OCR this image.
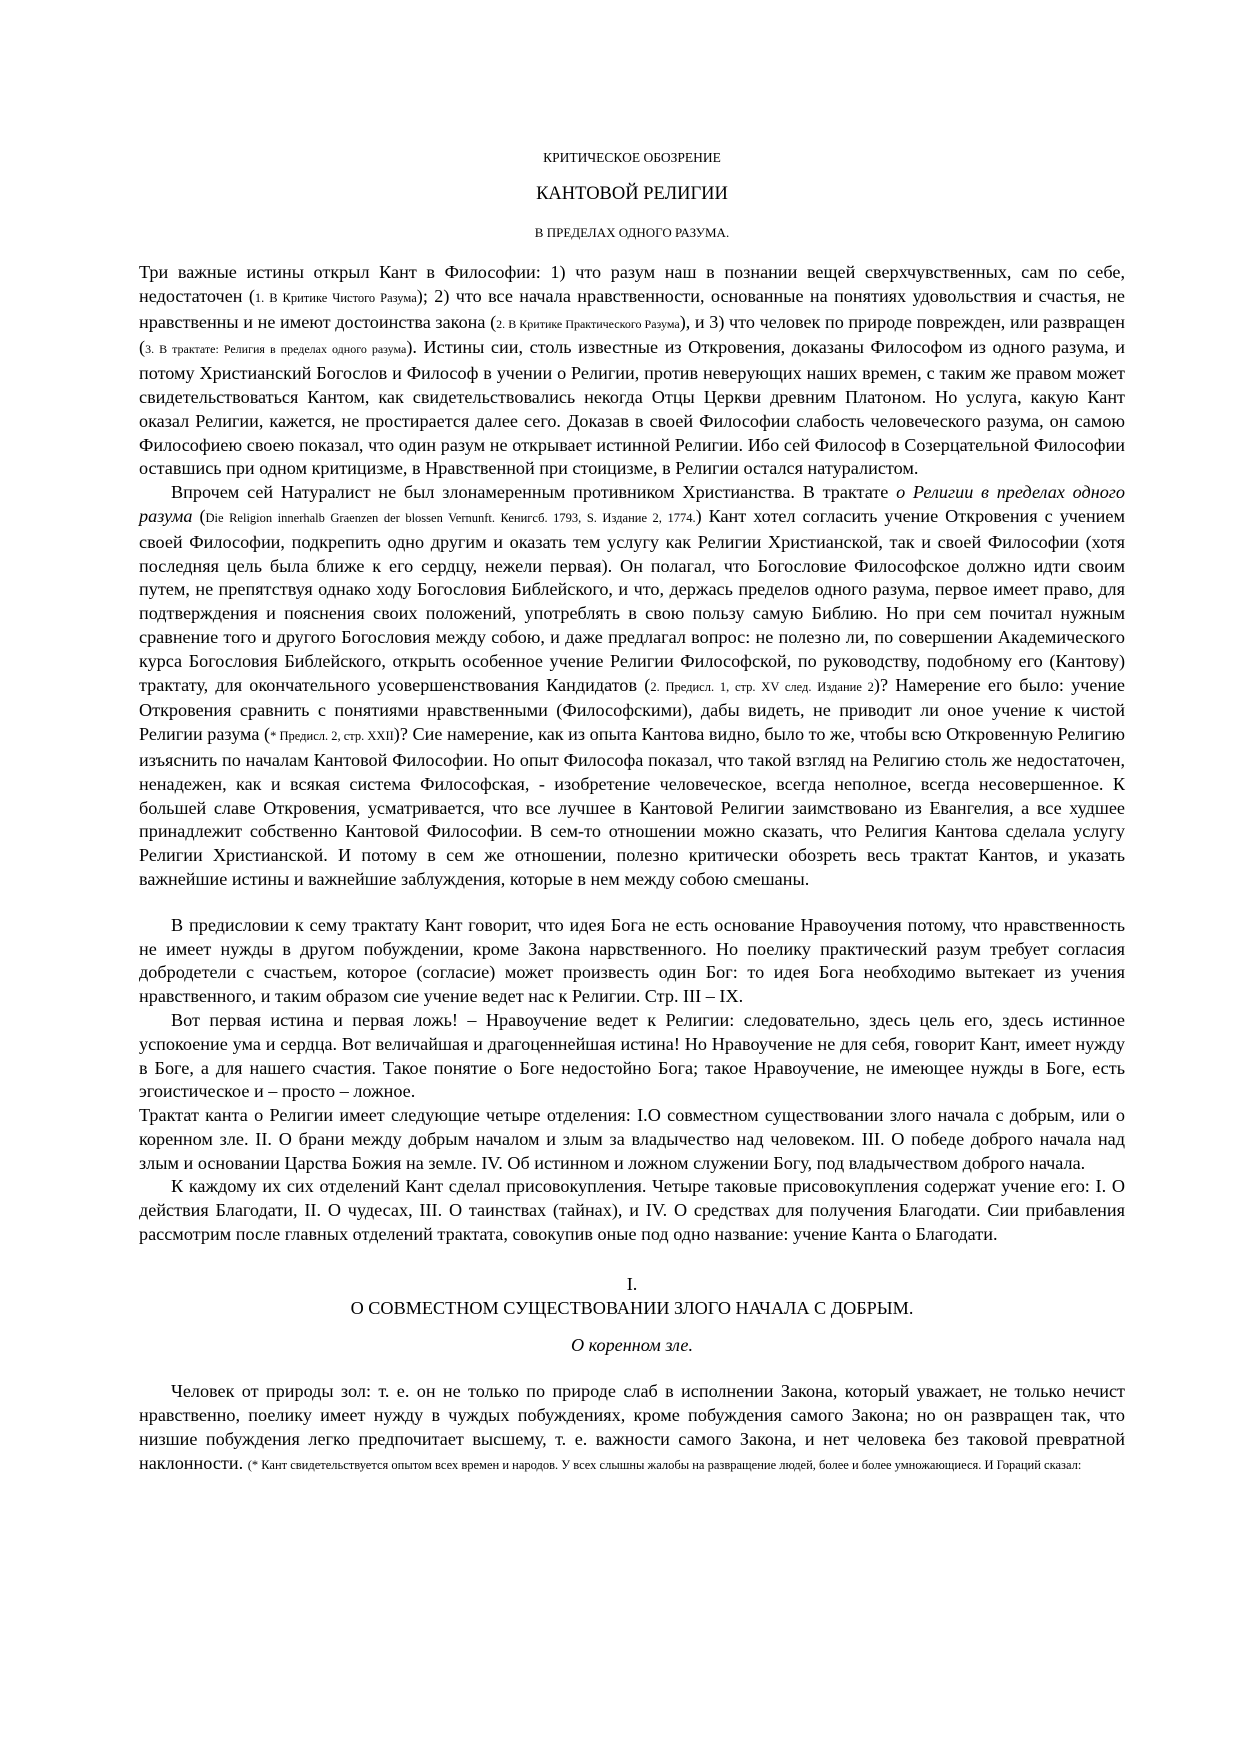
КРИТИЧЕСКОЕ ОБОЗРЕНИЕ

КАНТОВОЙ РЕЛИГИИ

В ПРЕДЕЛАХ ОДНОГО РАЗУМА.

Три важные истины открыл Кант в Философии: 1) что разум наш в познании вещей сверхчувственных, сам по себе, недостаточен (1. В Критике Чистого Разума); 2) что все начала нравственности, основанные на понятиях удовольствия и счастья, не нравственны и не имеют достоинства закона (2. В Критике Практического Разума), и 3) что человек по природе поврежден, или развращен (3. В трактате: Религия в пределах одного разума). Истины сии, столь известные из Откровения, доказаны Философом из одного разума, и потому Христианский Богослов и Философ в учении о Религии, против неверующих наших времен, с таким же правом может свидетельствоваться Кантом, как свидетельствовались некогда Отцы Церкви древним Платоном. Но услуга, какую Кант оказал Религии, кажется, не простирается далее сего. Доказав в своей Философии слабость человеческого разума, он самою Философиею своею показал, что один разум не открывает истинной Религии. Ибо сей Философ в Созерцательной Философии оставшись при одном критицизме, в Нравственной при стоицизме, в Религии остался натуралистом.

Впрочем сей Натуралист не был злонамеренным противником Христианства. В трактате о Религии в пределах одного разума (Die Religion innerhalb Graenzen der blossen Vernunft. Кенигсб. 1793, S. Издание 2, 1774.) Кант хотел согласить учение Откровения с учением своей Философии, подкрепить одно другим и оказать тем услугу как Религии Христианской, так и своей Философии (хотя последняя цель была ближе к его сердцу, нежели первая). Он полагал, что Богословие Философское должно идти своим путем, не препятствуя однако ходу Богословия Библейского, и что, держась пределов одного разума, первое имеет право, для подтверждения и пояснения своих положений, употреблять в свою пользу самую Библию. Но при сем почитал нужным сравнение того и другого Богословия между собою, и даже предлагал вопрос: не полезно ли, по совершении Академического курса Богословия Библейского, открыть особенное учение Религии Философской, по руководству, подобному его (Кантову) трактату, для окончательного усовершенствования Кандидатов (2. Предисл. 1, стр. XV след. Издание 2)? Намерение его было: учение Откровения сравнить с понятиями нравственными (Философскими), дабы видеть, не приводит ли оное учение к чистой Религии разума (* Предисл. 2, стр. XXII)? Сие намерение, как из опыта Кантова видно, было то же, чтобы всю Откровенную Религию изъяснить по началам Кантовой Философии. Но опыт Философа показал, что такой взгляд на Религию столь же недостаточен, ненадежен, как и всякая система Философская, - изобретение человеческое, всегда неполное, всегда несовершенное. К большей славе Откровения, усматривается, что все лучшее в Кантовой Религии заимствовано из Евангелия, а все худшее принадлежит собственно Кантовой Философии. В сем-то отношении можно сказать, что Религия Кантова сделала услугу Религии Христианской. И потому в сем же отношении, полезно критически обозреть весь трактат Кантов, и указать важнейшие истины и важнейшие заблуждения, которые в нем между собою смешаны.

В предисловии к сему трактату Кант говорит, что идея Бога не есть основание Нравоучения потому, что нравственность не имеет нужды в другом побуждении, кроме Закона нарвственного. Но поелику практический разум требует согласия добродетели с счастьем, которое (согласие) может произвесть один Бог: то идея Бога необходимо вытекает из учения нравственного, и таким образом сие учение ведет нас к Религии. Стр. III – IX.

Вот первая истина и первая ложь! – Нравоучение ведет к Религии: следовательно, здесь цель его, здесь истинное успокоение ума и сердца. Вот величайшая и драгоценнейшая истина! Но Нравоучение не для себя, говорит Кант, имеет нужду в Боге, а для нашего счастия. Такое понятие о Боге недостойно Бога; такое Нравоучение, не имеющее нужды в Боге, есть эгоистическое и – просто – ложное.

Трактат канта о Религии имеет следующие четыре отделения: I.О совместном существовании злого начала с добрым, или о коренном зле. II. О брани между добрым началом и злым за владычество над человеком. III. О победе доброго начала над злым и основании Царства Божия на земле. IV. Об истинном и ложном служении Богу, под владычеством доброго начала.

К каждому их сих отделений Кант сделал присовокупления. Четыре таковые присовокупления содержат учение его: I. О действия Благодати, II. О чудесах, III. О таинствах (тайнах), и IV. О средствах для получения Благодати. Сии прибавления рассмотрим после главных отделений трактата, совокупив оные под одно название: учение Канта о Благодати.

I.

О СОВМЕСТНОМ СУЩЕСТВОВАНИИ ЗЛОГО НАЧАЛА С ДОБРЫМ.

О коренном зле.

Человек от природы зол: т. е. он не только по природе слаб в исполнении Закона, который уважает, не только нечист нравственно, поелику имеет нужду в чуждых побуждениях, кроме побуждения самого Закона; но он развращен так, что низшие побуждения легко предпочитает высшему, т. е. важности самого Закона, и нет человека без таковой превратной наклонности. (* Кант свидетельствуется опытом всех времен и народов. У всех слышны жалобы на развращение людей, более и более умножающиеся. И Гораций сказал:
